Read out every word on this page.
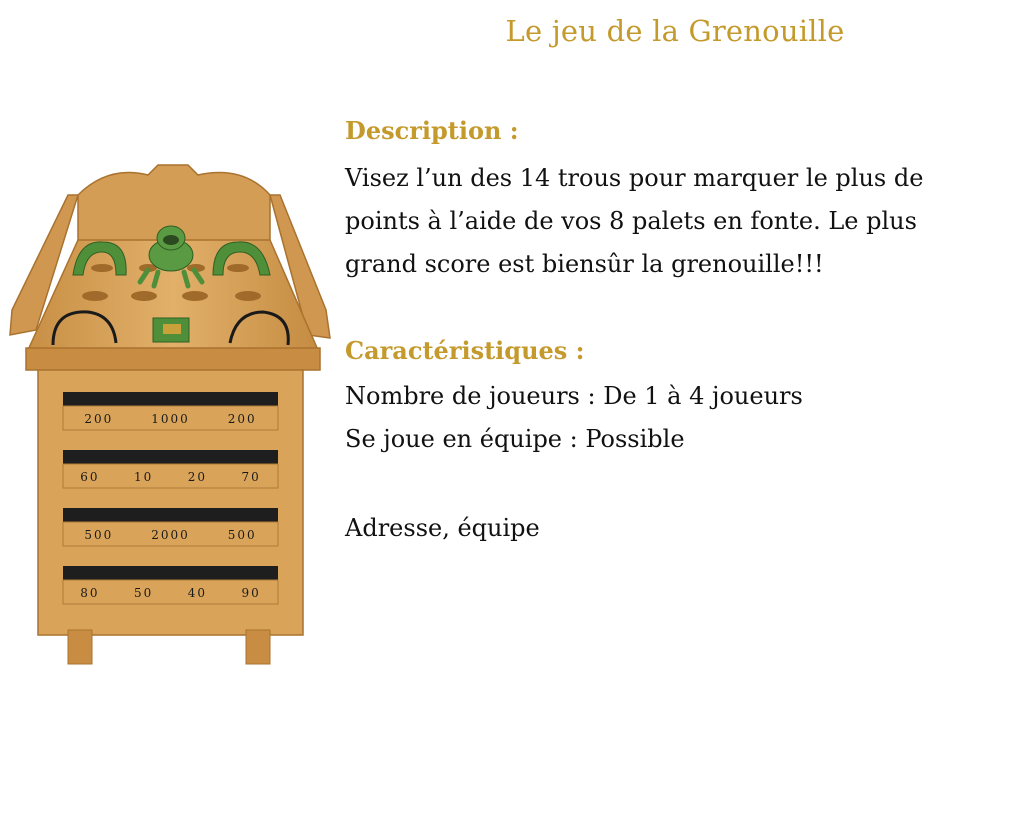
Le jeu de la Grenouille
Description :
Visez l’un des 14 trous pour marquer le plus de
points à l’aide de vos 8 palets en fonte. Le plus
grand score est biensûr la grenouille!!!
Caractéristiques :
Nombre de joueurs : De 1 à 4 joueurs
Se joue en équipe : Possible
Adresse, équipe
200	1000	200
60	10	20	70
500	2000	500
80	50	40	90
